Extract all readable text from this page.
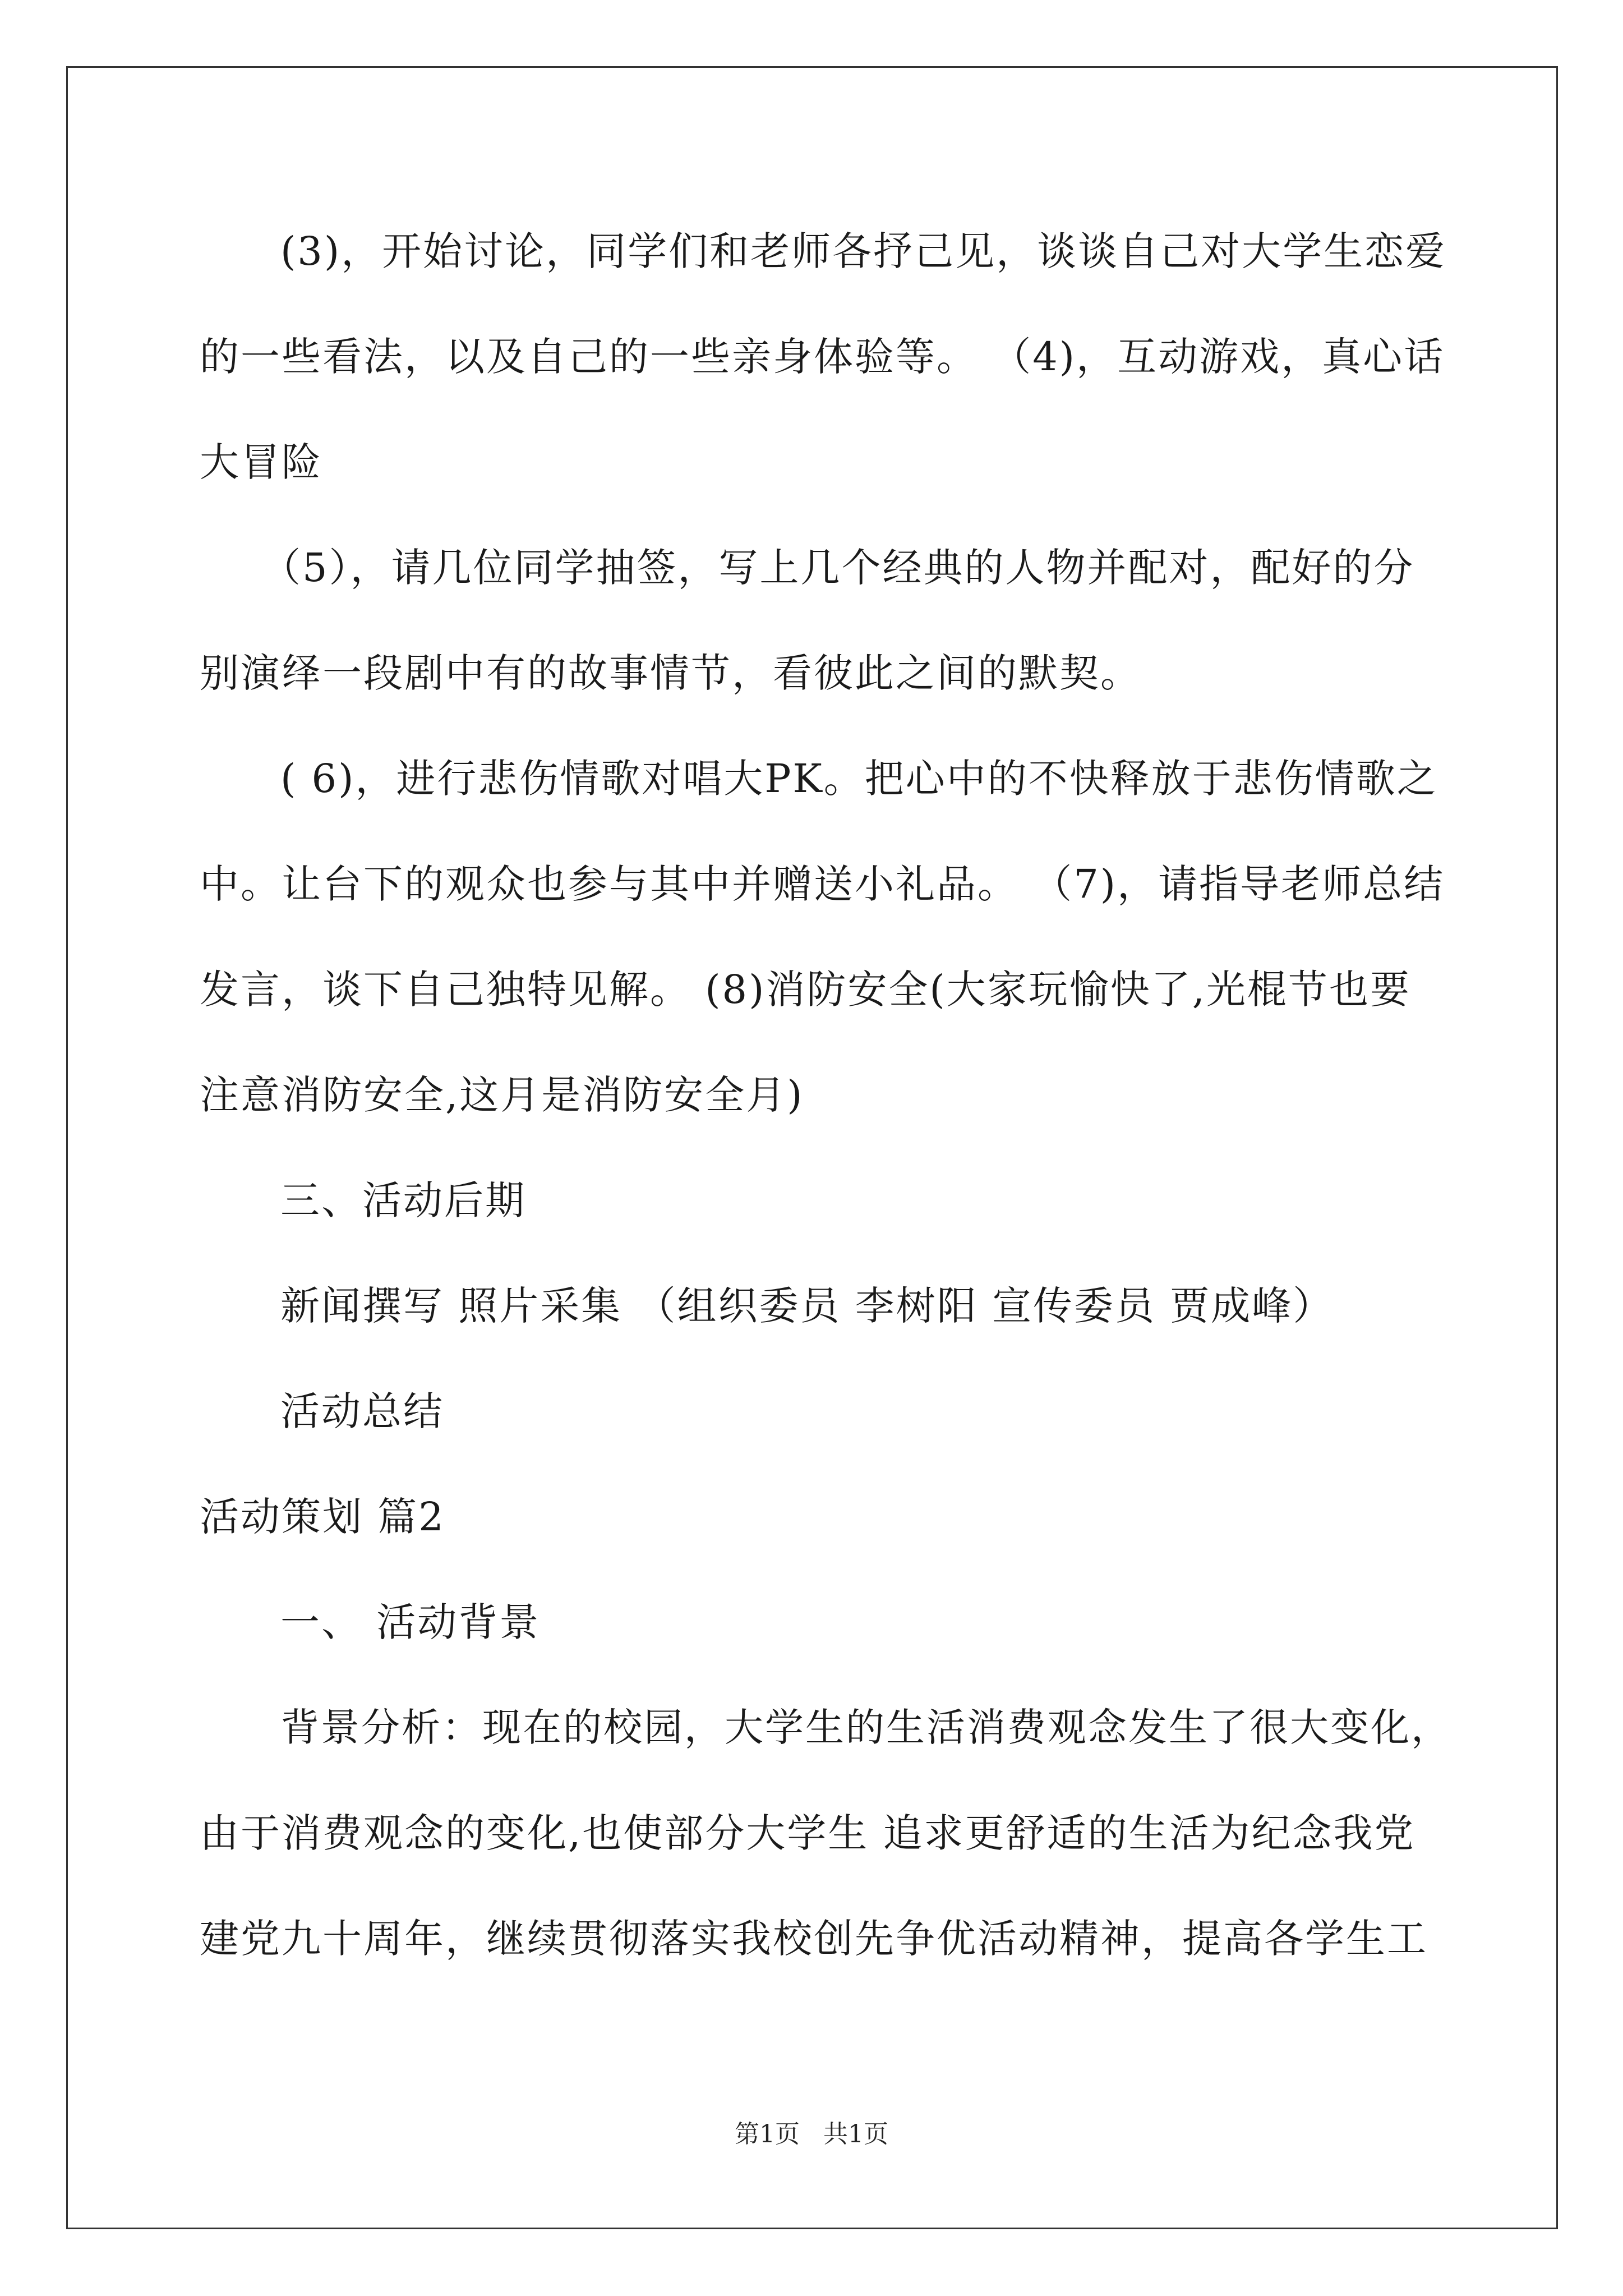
(3)，开始讨论，同学们和老师各抒己见，谈谈自己对大学生恋爱
的一些看法，以及自己的一些亲身体验等。 （4)，互动游戏，真心话
大冒险
（5），请几位同学抽签，写上几个经典的人物并配对，配好的分
别演绎一段剧中有的故事情节，看彼此之间的默契。
( 6)，进行悲伤情歌对唱大PK。把心中的不快释放于悲伤情歌之
中。让台下的观众也参与其中并赠送小礼品。 （7)，请指导老师总结
发言，谈下自己独特见解。 (8)消防安全(大家玩愉快了,光棍节也要
注意消防安全,这月是消防安全月)
三、活动后期
新闻撰写 照片采集 （组织委员 李树阳 宣传委员 贾成峰）
活动总结
活动策划 篇2
一、 活动背景
背景分析：现在的校园，大学生的生活消费观念发生了很大变化，
由于消费观念的变化,也使部分大学生 追求更舒适的生活为纪念我党
建党九十周年，继续贯彻落实我校创先争优活动精神，提高各学生工
第1页   共1页
